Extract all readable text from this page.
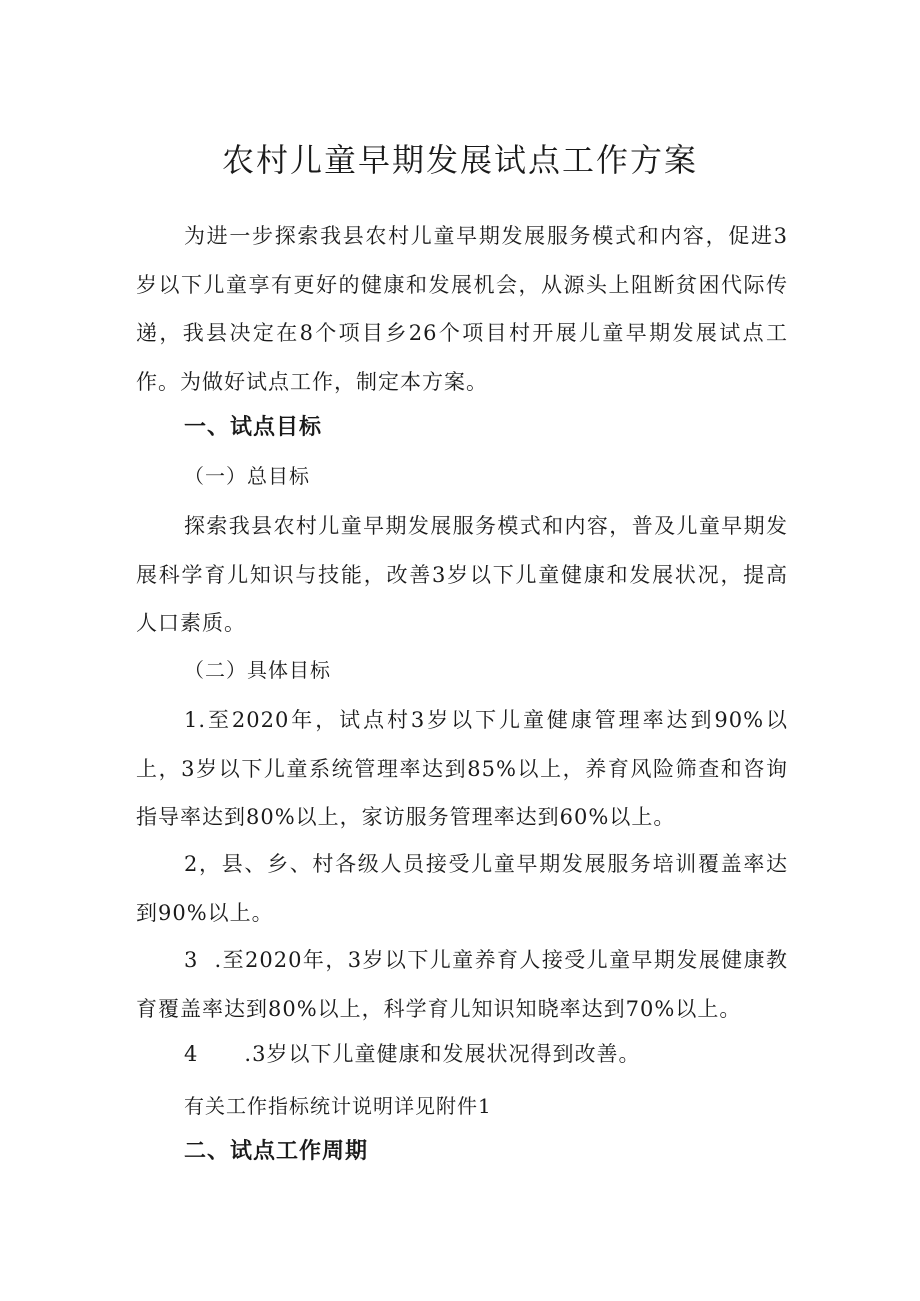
农村儿童早期发展试点工作方案

为进一步探索我县农村儿童早期发展服务模式和内容，促进3岁以下儿童享有更好的健康和发展机会，从源头上阻断贫困代际传递，我县决定在8个项目乡26个项目村开展儿童早期发展试点工作。为做好试点工作，制定本方案。

一、试点目标

（一）总目标

探索我县农村儿童早期发展服务模式和内容，普及儿童早期发展科学育儿知识与技能，改善3岁以下儿童健康和发展状况，提高人口素质。

（二）具体目标

1.至2020年，试点村3岁以下儿童健康管理率达到90%以上，3岁以下儿童系统管理率达到85%以上，养育风险筛查和咨询指导率达到80%以上，家访服务管理率达到60%以上。

2，县、乡、村各级人员接受儿童早期发展服务培训覆盖率达到90%以上。

3  .至2020年，3岁以下儿童养育人接受儿童早期发展健康教育覆盖率达到80%以上，科学育儿知识知晓率达到70%以上。

4      .3岁以下儿童健康和发展状况得到改善。

有关工作指标统计说明详见附件1

二、试点工作周期
